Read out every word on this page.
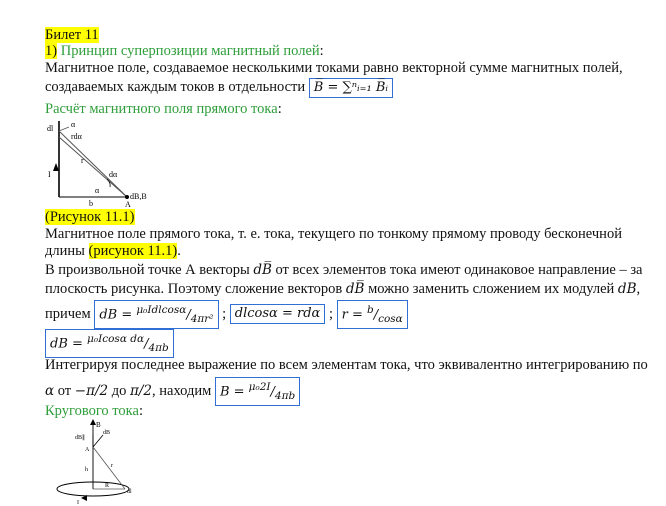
Билет 11
1) Принцип суперпозиции магнитный полей:
Магнитное поле, создаваемое несколькими токами равно векторной сумме магнитных полей,
создаваемых каждым токов в отдельности B̅ = ∑ⁿᵢ₌₁ B̅ᵢ
Расчёт магнитного поля прямого тока:
dl α
rdα
r
I	dα
α
dB,B
b	A
(Рисунок 11.1)
Магнитное поле прямого тока, т. е. тока, текущего по тонкому прямому проводу бесконечной
длины (рисунок 11.1).
В произвольной точке А векторы dB̅ от всех элементов тока имеют одинаковое направление – за
плоскость рисунка. Поэтому сложение векторов dB̅ можно заменить сложением их модулей dB,
причем dB = $^{\mu_0Idlcos\alpha}/_{4\pi r^2}$ ; dlcosα = rdα ; $r = ^b/_{cos\alpha}$
dB = $^{\mu_0Icos\alpha d\alpha}/_{4\pi b}$
Интегрируя последнее выражение по всем элементам тока, что эквивалентно интегрированию по
α от −π/2 до π/2, находим $B = ^{\mu_02I}/_{4\pi b}$
Кругового тока:
B
dB∥
dB
A
h
r
R
I
dl
